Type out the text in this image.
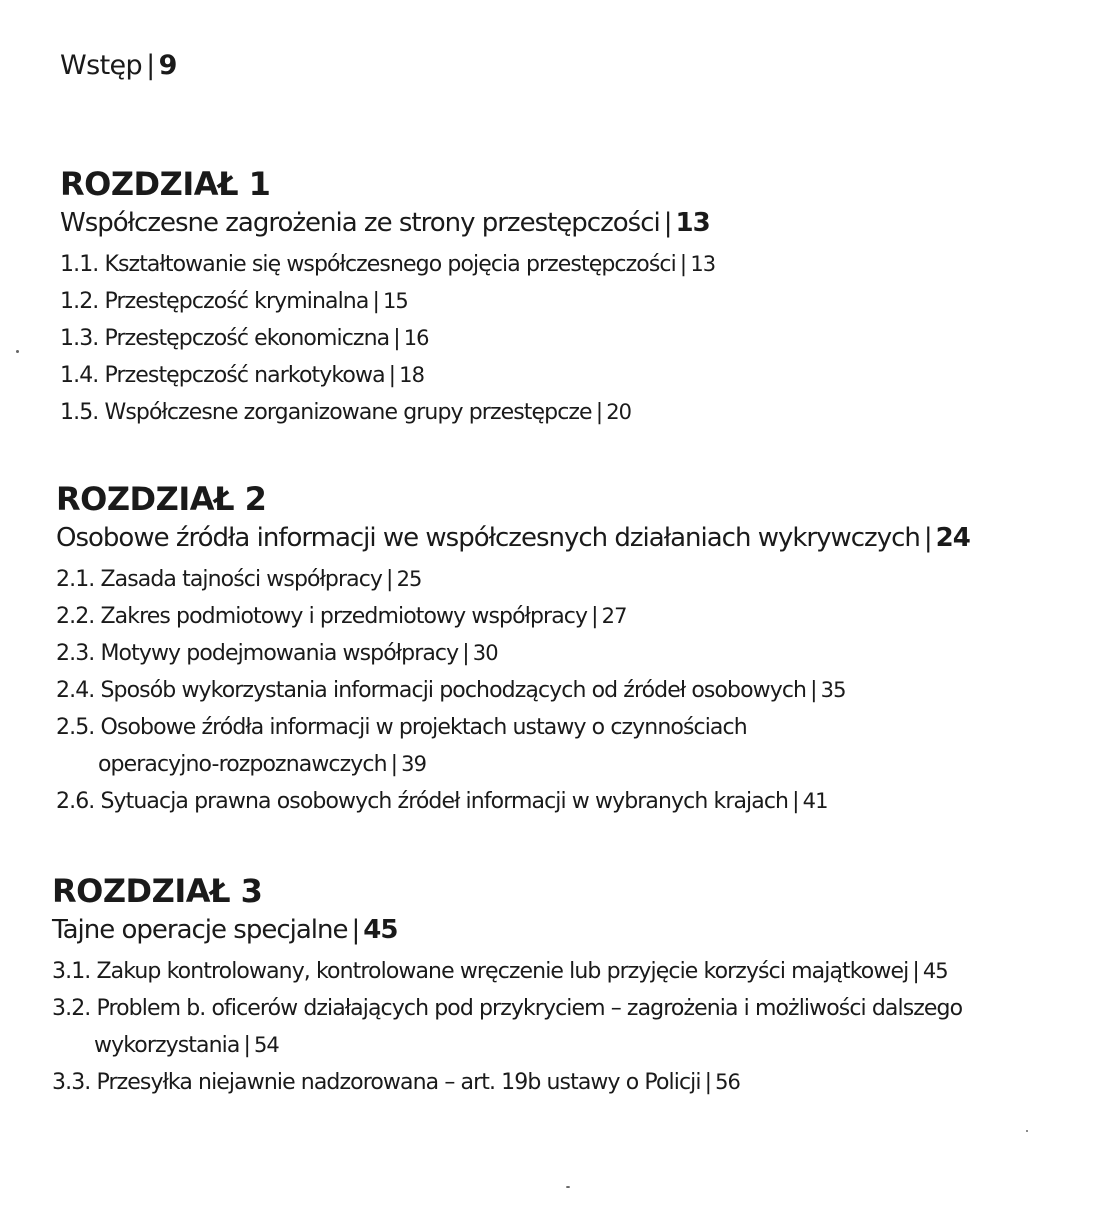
Wstęp | 9
ROZDZIAŁ 1
Współczesne zagrożenia ze strony przestępczości | 13
1.1. Kształtowanie się współczesnego pojęcia przestępczości | 13
1.2. Przestępczość kryminalna | 15
1.3. Przestępczość ekonomiczna | 16
1.4. Przestępczość narkotykowa | 18
1.5. Współczesne zorganizowane grupy przestępcze | 20
ROZDZIAŁ 2
Osobowe źródła informacji we współczesnych działaniach wykrywczych | 24
2.1. Zasada tajności współpracy | 25
2.2. Zakres podmiotowy i przedmiotowy współpracy | 27
2.3. Motywy podejmowania współpracy | 30
2.4. Sposób wykorzystania informacji pochodzących od źródeł osobowych | 35
2.5. Osobowe źródła informacji w projektach ustawy o czynnościach
operacyjno-rozpoznawczych | 39
2.6. Sytuacja prawna osobowych źródeł informacji w wybranych krajach | 41
ROZDZIAŁ 3
Tajne operacje specjalne | 45
3.1. Zakup kontrolowany, kontrolowane wręczenie lub przyjęcie korzyści majątkowej | 45
3.2. Problem b. oficerów działających pod przykryciem – zagrożenia i możliwości dalszego
wykorzystania | 54
3.3. Przesyłka niejawnie nadzorowana – art. 19b ustawy o Policji | 56
